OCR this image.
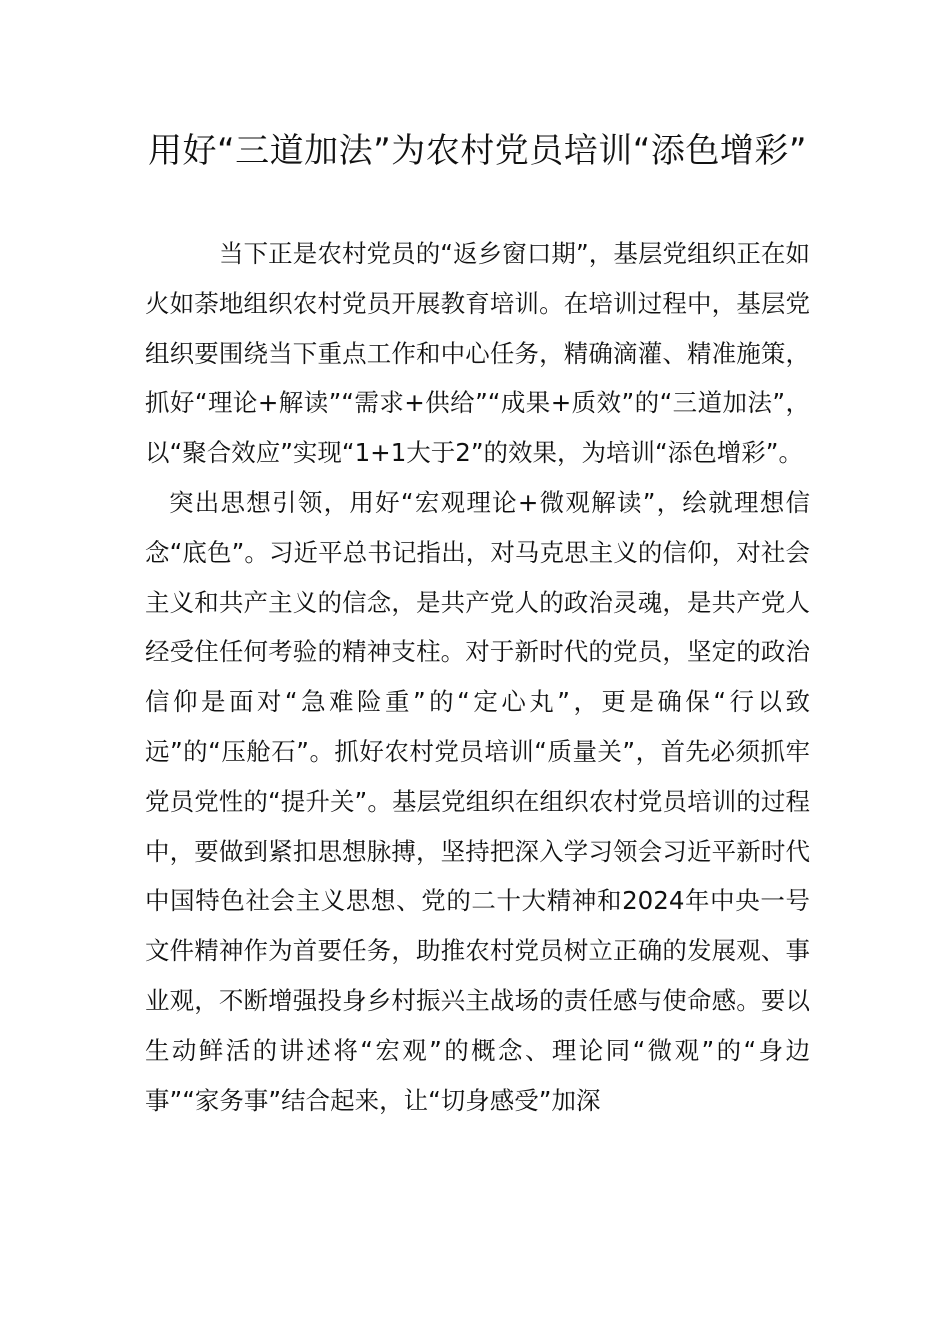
用好“三道加法”为农村党员培训“添色增彩”

当下正是农村党员的“返乡窗口期”，基层党组织正在如火如荼地组织农村党员开展教育培训。在培训过程中，基层党组织要围绕当下重点工作和中心任务，精确滴灌、精准施策，抓好“理论+解读”“需求+供给”“成果+质效”的“三道加法”，以“聚合效应”实现“1+1大于2”的效果，为培训“添色增彩”。

突出思想引领，用好“宏观理论+微观解读”，绘就理想信念“底色”。习近平总书记指出，对马克思主义的信仰，对社会主义和共产主义的信念，是共产党人的政治灵魂，是共产党人经受住任何考验的精神支柱。对于新时代的党员，坚定的政治信仰是面对“急难险重”的“定心丸”，更是确保“行以致远”的“压舱石”。抓好农村党员培训“质量关”，首先必须抓牢党员党性的“提升关”。基层党组织在组织农村党员培训的过程中，要做到紧扣思想脉搏，坚持把深入学习领会习近平新时代中国特色社会主义思想、党的二十大精神和2024年中央一号文件精神作为首要任务，助推农村党员树立正确的发展观、事业观，不断增强投身乡村振兴主战场的责任感与使命感。要以生动鲜活的讲述将“宏观”的概念、理论同“微观”的“身边事”“家务事”结合起来，让“切身感受”加深
